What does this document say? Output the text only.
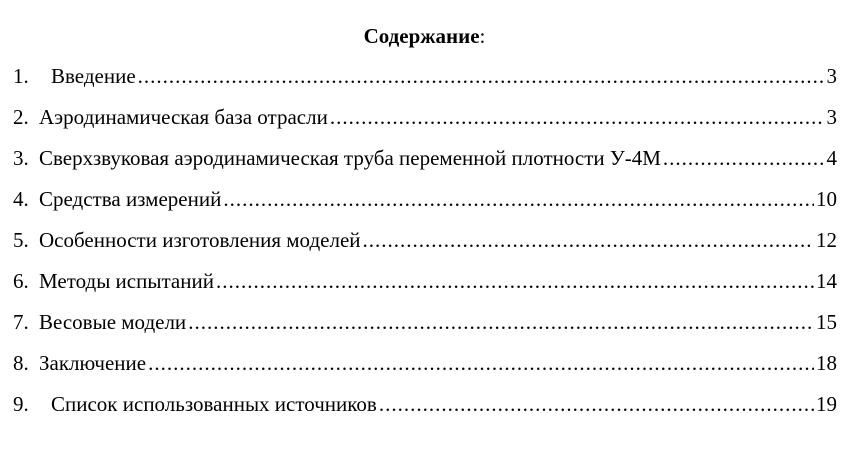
Содержание:
1.	Введение .....	3
2. Аэродинамическая база отрасли .....	3
3. Сверхзвуковая аэродинамическая труба переменной плотности У-4М .....	4
4. Средства измерений .....	10
5. Особенности изготовления моделей .....	12
6. Методы испытаний .....	14
7. Весовые модели .....	15
8. Заключение .....	18
9.	Список использованных источников .....	19
